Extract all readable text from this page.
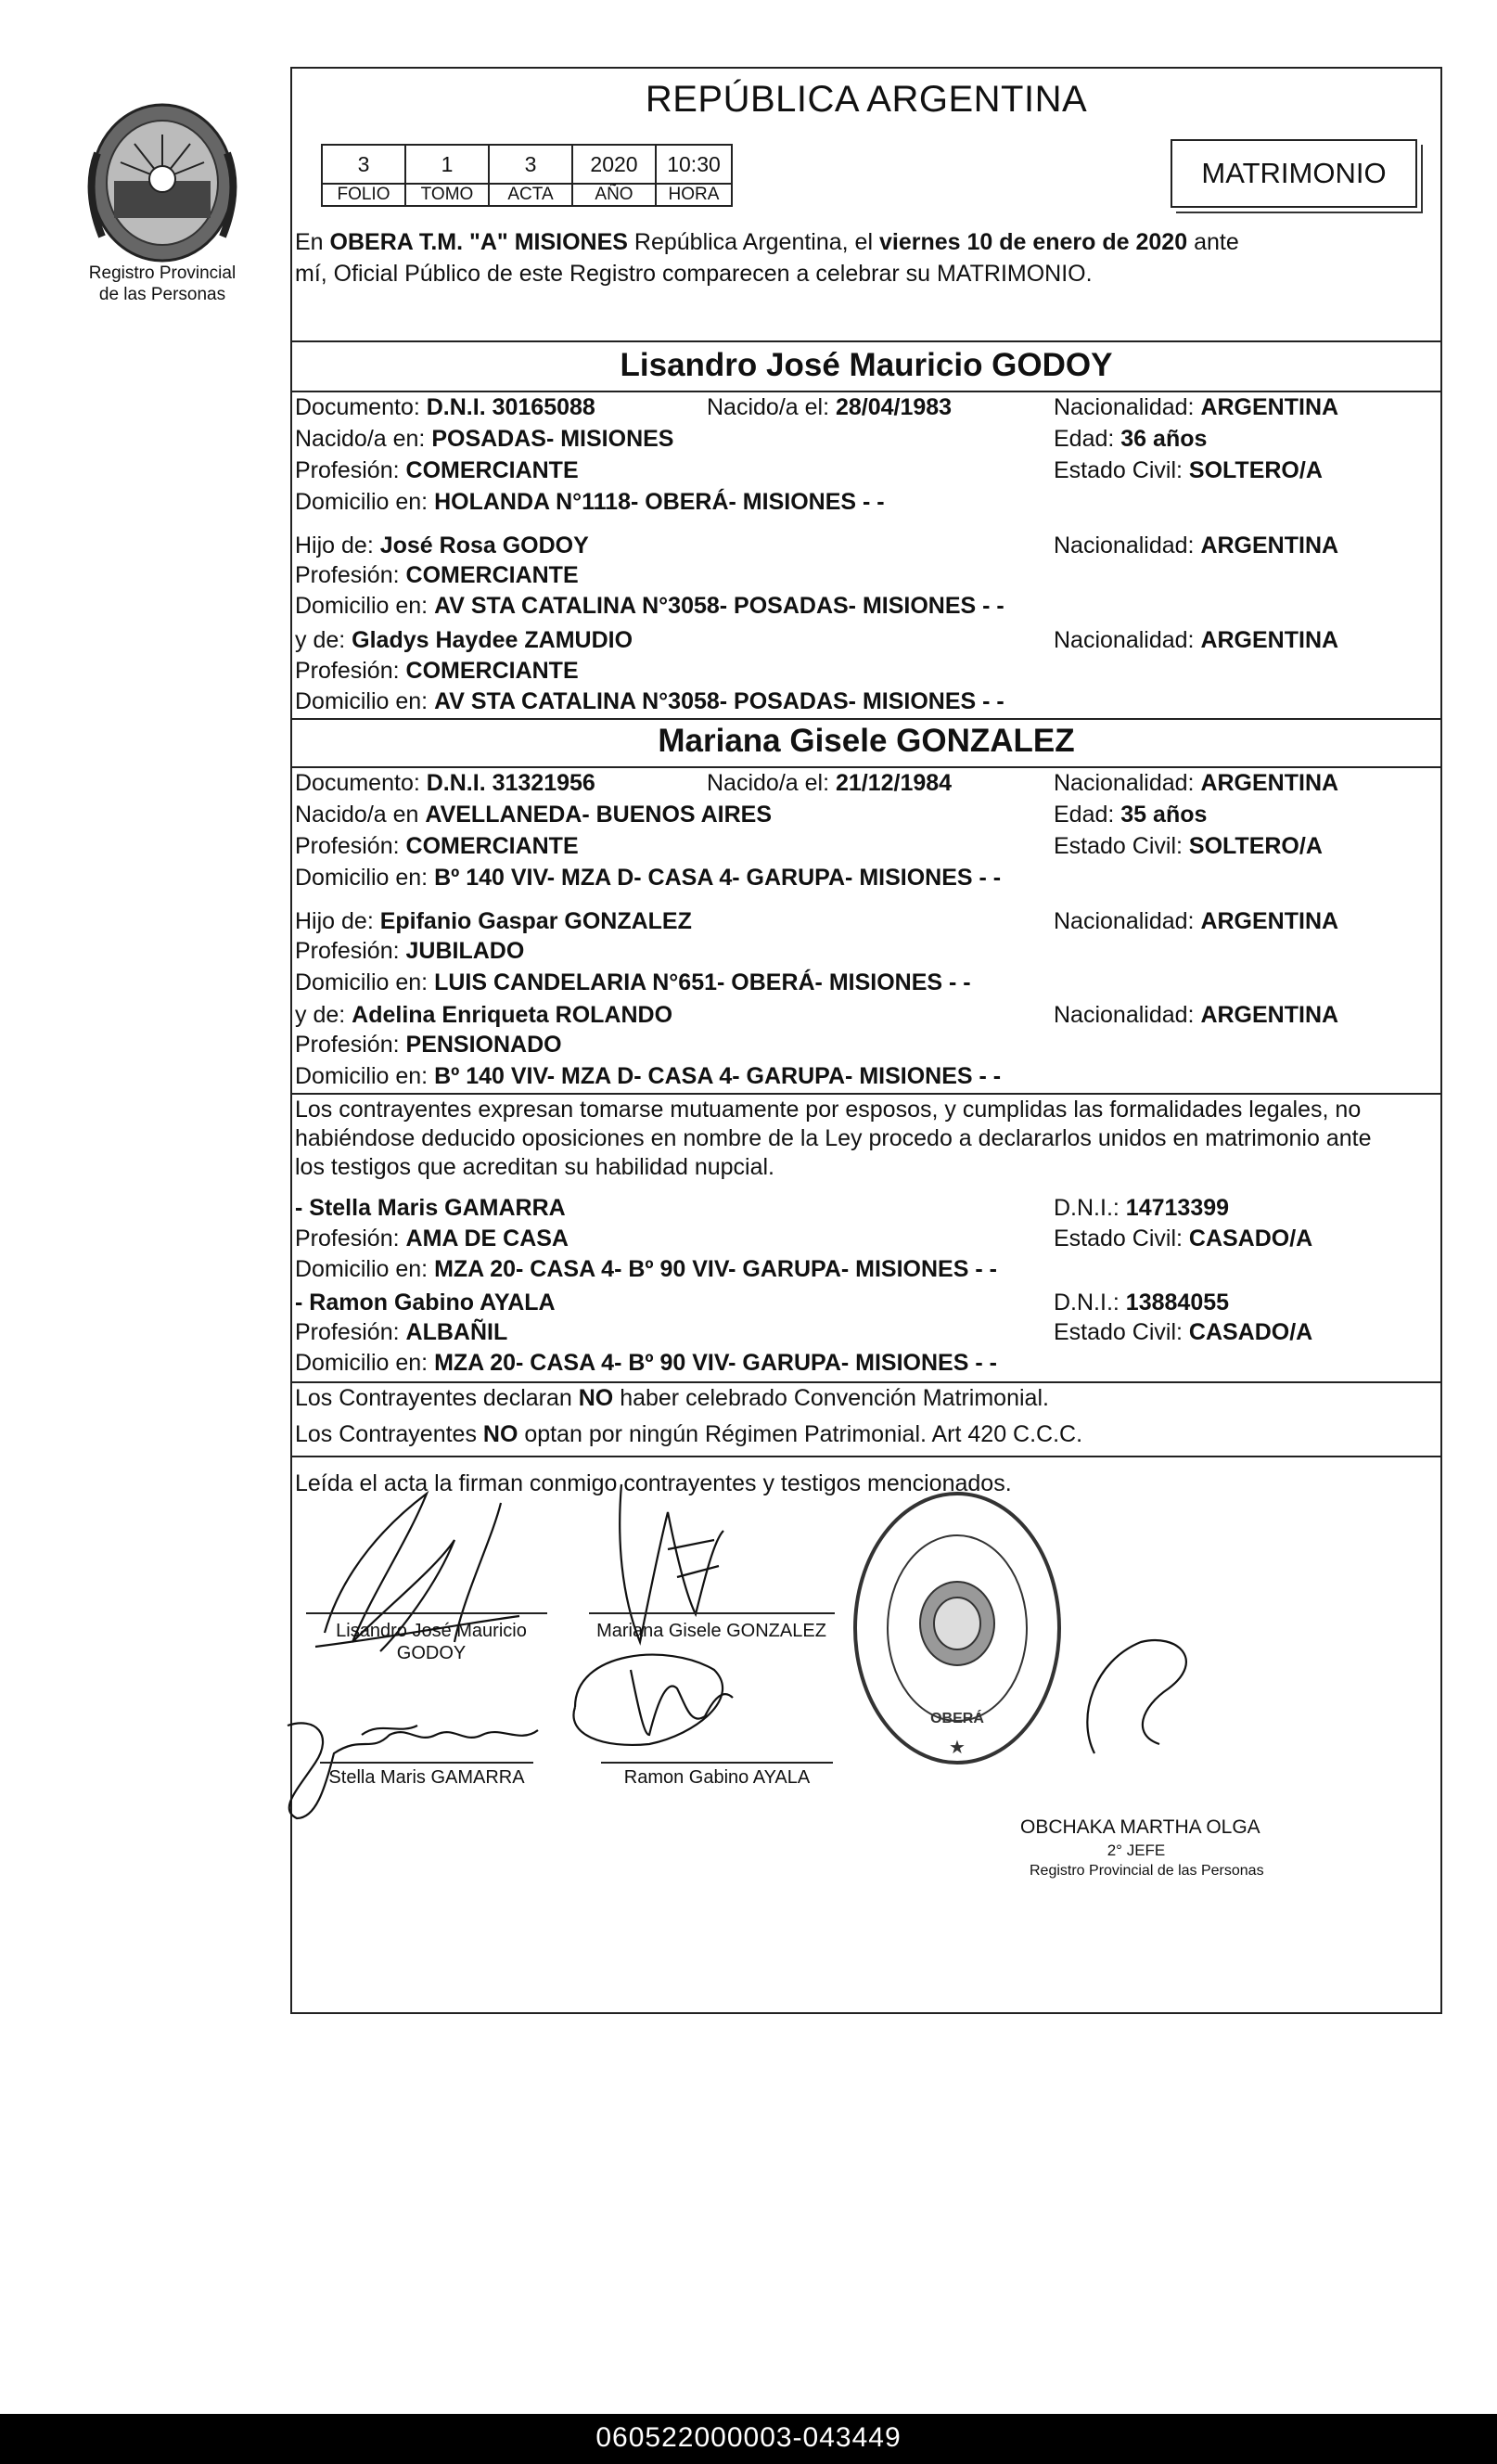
Registro Provincial
de las Personas
REPÚBLICA ARGENTINA
3	1	3	2020	10:30
FOLIO	TOMO	ACTA	AÑO	HORA
MATRIMONIO
En OBERA T.M. "A" MISIONES República Argentina, el viernes 10 de enero de 2020 ante
mí, Oficial Público de este Registro comparecen a celebrar su MATRIMONIO.
Lisandro José Mauricio GODOY
Documento: D.N.I. 30165088	Nacido/a el: 28/04/1983	Nacionalidad: ARGENTINA
Nacido/a en: POSADAS- MISIONES	Edad: 36 años
Profesión: COMERCIANTE	Estado Civil: SOLTERO/A
Domicilio en: HOLANDA N°1118- OBERÁ- MISIONES - -
Hijo de: José Rosa GODOY	Nacionalidad: ARGENTINA
Profesión: COMERCIANTE
Domicilio en: AV STA CATALINA N°3058- POSADAS- MISIONES - -
y de: Gladys Haydee ZAMUDIO	Nacionalidad: ARGENTINA
Profesión: COMERCIANTE
Domicilio en: AV STA CATALINA N°3058- POSADAS- MISIONES - -
Mariana Gisele GONZALEZ
Documento: D.N.I. 31321956	Nacido/a el: 21/12/1984	Nacionalidad: ARGENTINA
Nacido/a en AVELLANEDA- BUENOS AIRES	Edad: 35 años
Profesión: COMERCIANTE	Estado Civil: SOLTERO/A
Domicilio en: Bº 140 VIV- MZA D- CASA 4- GARUPA- MISIONES - -
Hijo de: Epifanio Gaspar GONZALEZ	Nacionalidad: ARGENTINA
Profesión: JUBILADO
Domicilio en: LUIS CANDELARIA N°651- OBERÁ- MISIONES - -
y de: Adelina Enriqueta ROLANDO	Nacionalidad: ARGENTINA
Profesión: PENSIONADO
Domicilio en: Bº 140 VIV- MZA D- CASA 4- GARUPA- MISIONES - -
Los contrayentes expresan tomarse mutuamente por esposos, y cumplidas las formalidades legales, no
habiéndose deducido oposiciones en nombre de la Ley procedo a declararlos unidos en matrimonio ante
los testigos que acreditan su habilidad nupcial.
- Stella Maris GAMARRA	D.N.I.: 14713399
Profesión: AMA DE CASA	Estado Civil: CASADO/A
Domicilio en: MZA 20- CASA 4- Bº 90 VIV- GARUPA- MISIONES - -
- Ramon Gabino AYALA	D.N.I.: 13884055
Profesión: ALBAÑIL	Estado Civil: CASADO/A
Domicilio en: MZA 20- CASA 4- Bº 90 VIV- GARUPA- MISIONES - -
Los Contrayentes declaran NO haber celebrado Convención Matrimonial.
Los Contrayentes NO optan por ningún Régimen Patrimonial. Art 420 C.C.C.
Leída el acta la firman conmigo contrayentes y testigos mencionados.
Lisandro José Mauricio
GODOY
Mariana Gisele GONZALEZ
Stella Maris GAMARRA	Ramon Gabino AYALA
OBERÁ
★
OBCHAKA MARTHA OLGA
2° JEFE
Registro Provincial de las Personas
060522000003-043449
